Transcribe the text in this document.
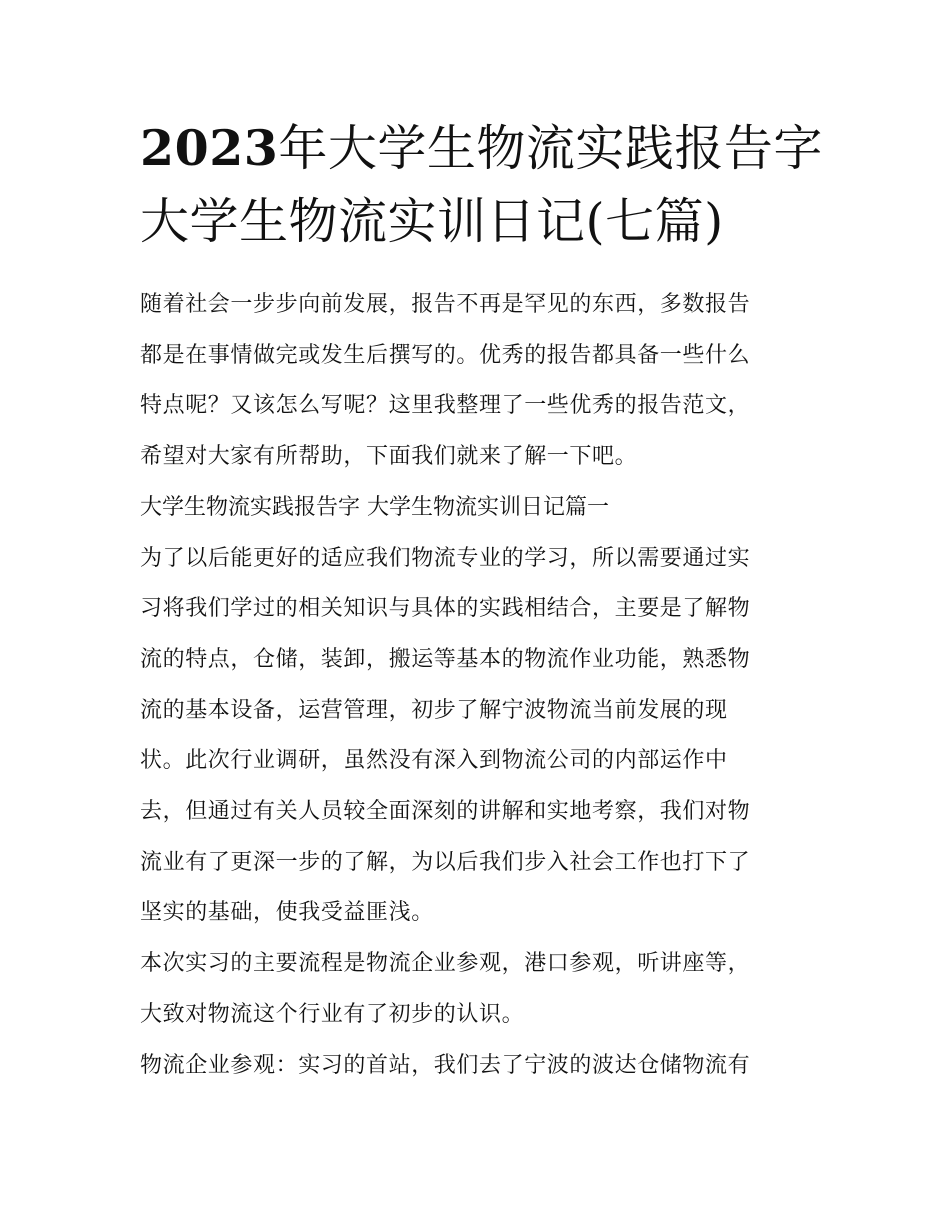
2023年大学生物流实践报告字
大学生物流实训日记(七篇)

随着社会一步步向前发展，报告不再是罕见的东西，多数报告
都是在事情做完或发生后撰写的。优秀的报告都具备一些什么
特点呢？又该怎么写呢？这里我整理了一些优秀的报告范文，
希望对大家有所帮助，下面我们就来了解一下吧。

大学生物流实践报告字 大学生物流实训日记篇一

为了以后能更好的适应我们物流专业的学习，所以需要通过实
习将我们学过的相关知识与具体的实践相结合，主要是了解物
流的特点，仓储，装卸，搬运等基本的物流作业功能，熟悉物
流的基本设备，运营管理，初步了解宁波物流当前发展的现
状。此次行业调研，虽然没有深入到物流公司的内部运作中
去，但通过有关人员较全面深刻的讲解和实地考察，我们对物
流业有了更深一步的了解，为以后我们步入社会工作也打下了
坚实的基础，使我受益匪浅。

本次实习的主要流程是物流企业参观，港口参观，听讲座等，
大致对物流这个行业有了初步的认识。

物流企业参观：实习的首站，我们去了宁波的波达仓储物流有
